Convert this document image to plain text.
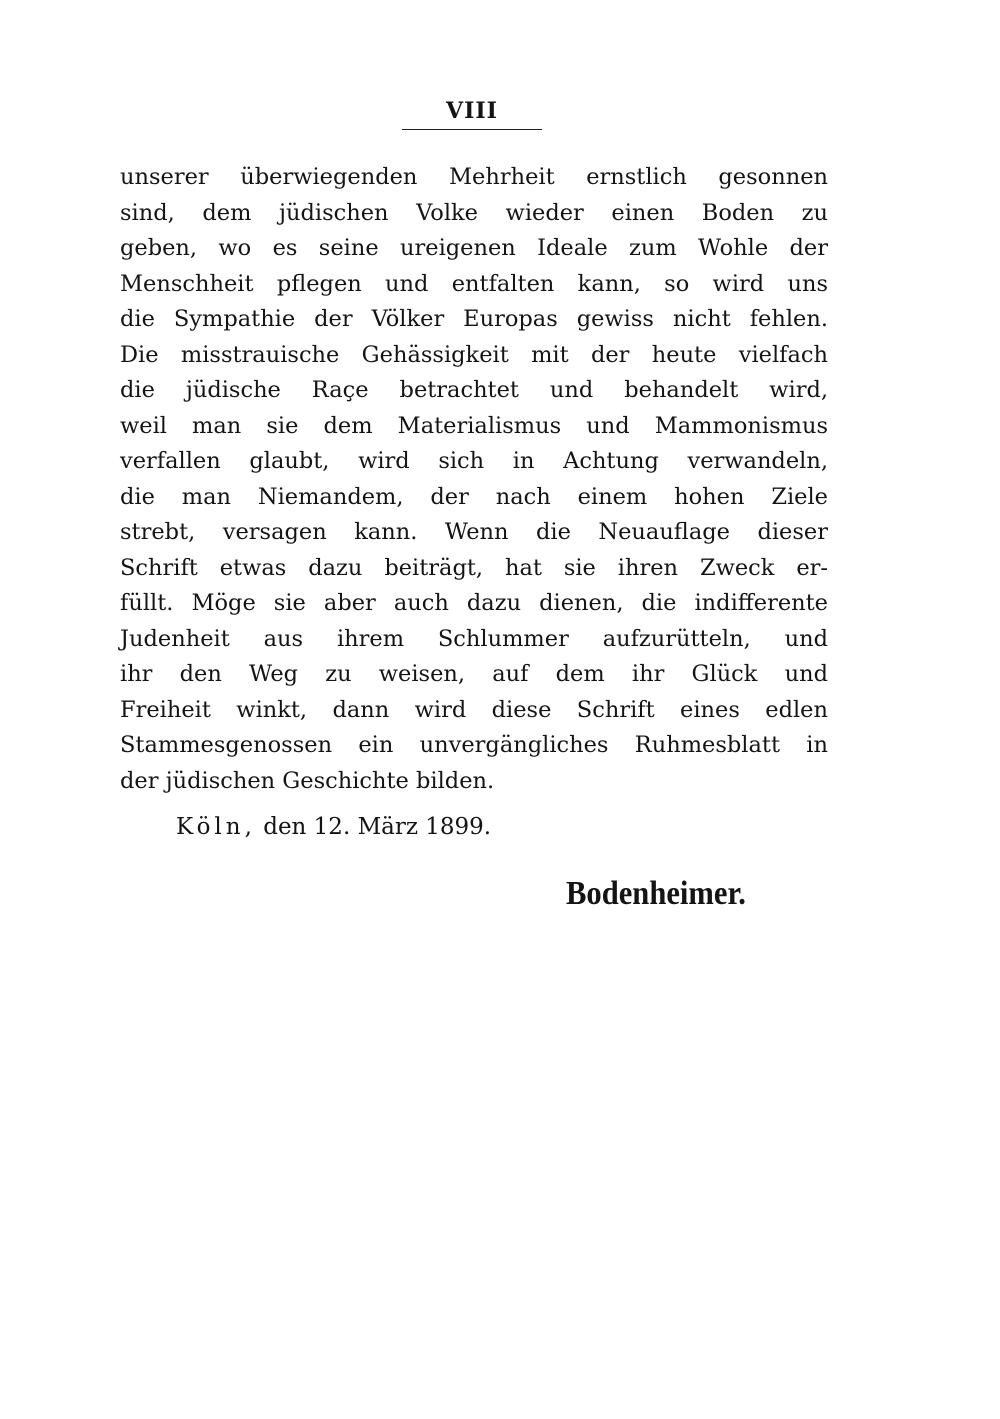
VIII
unserer überwiegenden Mehrheit ernstlich gesonnen
sind, dem jüdischen Volke wieder einen Boden zu
geben, wo es seine ureigenen Ideale zum Wohle der
Menschheit pflegen und entfalten kann, so wird uns
die Sympathie der Völker Europas gewiss nicht fehlen.
Die misstrauische Gehässigkeit mit der heute vielfach
die jüdische Raçe betrachtet und behandelt wird,
weil man sie dem Materialismus und Mammonismus
verfallen glaubt, wird sich in Achtung verwandeln,
die man Niemandem, der nach einem hohen Ziele
strebt, versagen kann. Wenn die Neuauflage dieser
Schrift etwas dazu beiträgt, hat sie ihren Zweck er-
füllt. Möge sie aber auch dazu dienen, die indifferente
Judenheit aus ihrem Schlummer aufzurütteln, und
ihr den Weg zu weisen, auf dem ihr Glück und
Freiheit winkt, dann wird diese Schrift eines edlen
Stammesgenossen ein unvergängliches Ruhmesblatt in
der jüdischen Geschichte bilden.
Köln, den 12. März 1899.
Bodenheimer.
